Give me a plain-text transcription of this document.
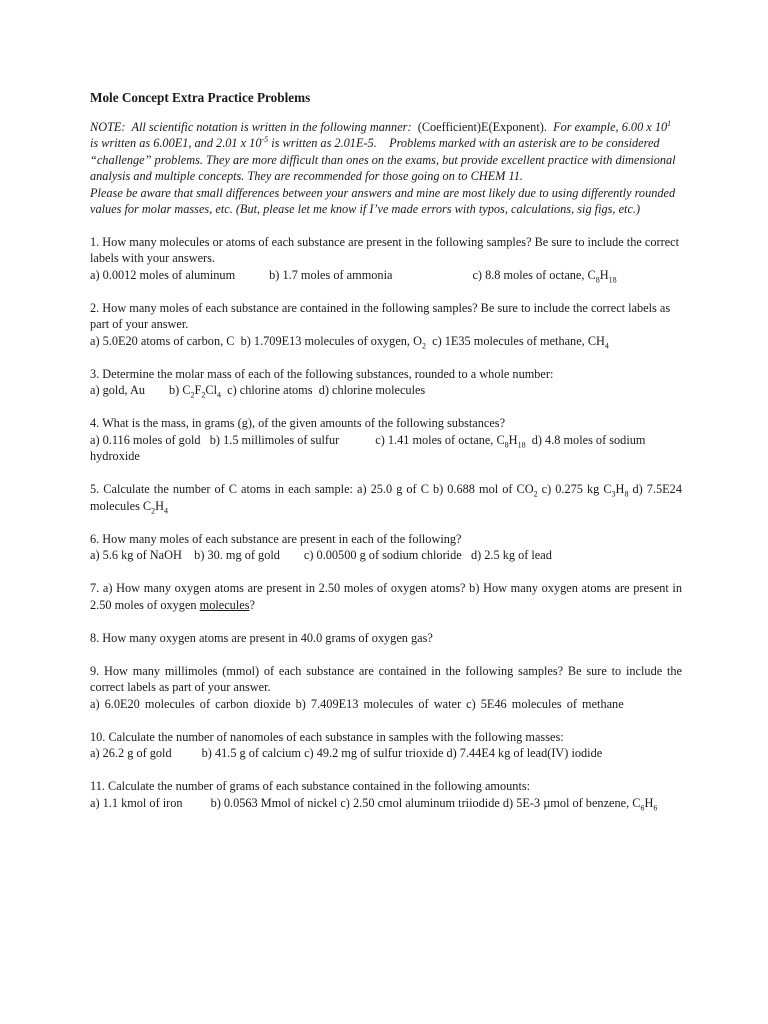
Mole Concept Extra Practice Problems

NOTE: All scientific notation is written in the following manner: (Coefficient)E(Exponent). For example, 6.00 x $10^1$ is written as 6.00E1, and 2.01 x $10^{-5}$ is written as 2.01E-5. Problems marked with an asterisk are to be considered “challenge” problems. They are more difficult than ones on the exams, but provide excellent practice with dimensional analysis and multiple concepts. They are recommended for those going on to CHEM 11.

Please be aware that small differences between your answers and mine are most likely due to using differently rounded values for molar masses, etc. (But, please let me know if I’ve made errors with typos, calculations, sig figs, etc.)

1. How many molecules or atoms of each substance are present in the following samples? Be sure to include the correct labels with your answers.

a) 0.0012 moles of aluminum	b) 1.7 moles of ammonia	c) 8.8 moles of octane, $C_8H_{18}$

2. How many moles of each substance are contained in the following samples? Be sure to include the correct labels as part of your answer.

a) 5.0E20 atoms of carbon, C b) 1.709E13 molecules of oxygen, $O_2$ c) 1E35 molecules of methane, $CH_4$

3. Determine the molar mass of each of the following substances, rounded to a whole number:

a) gold, Au b) $C_2F_2Cl_4$ c) chlorine atoms d) chlorine molecules

4. What is the mass, in grams (g), of the given amounts of the following substances?

a) 0.116 moles of gold b) 1.5 millimoles of sulfur	c) 1.41 moles of octane, $C_8H_{18}$ d) 4.8 moles of sodium hydroxide

5. Calculate the number of C atoms in each sample: a) 25.0 g of C b) 0.688 mol of $CO_2$ c) 0.275 kg $C_3H_8$ d) 7.5E24 molecules $C_2H_4$

6. How many moles of each substance are present in each of the following?

a) 5.6 kg of NaOH b) 30. mg of gold c) 0.00500 g of sodium chloride d) 2.5 kg of lead

7. a) How many oxygen atoms are present in 2.50 moles of oxygen atoms? b) How many oxygen atoms are present in 2.50 moles of oxygen molecules?

8. How many oxygen atoms are present in 40.0 grams of oxygen gas?

9. How many millimoles (mmol) of each substance are contained in the following samples? Be sure to include the correct labels as part of your answer.

a) 6.0E20 molecules of carbon dioxide b) 7.409E13 molecules of water c) 5E46 molecules of methane

10. Calculate the number of nanomoles of each substance in samples with the following masses:

a) 26.2 g of gold b) 41.5 g of calcium c) 49.2 mg of sulfur trioxide d) 7.44E4 kg of lead(IV) iodide

11. Calculate the number of grams of each substance contained in the following amounts:

a) 1.1 kmol of iron b) 0.0563 Mmol of nickel c) 2.50 cmol aluminum triiodide d) 5E-3 µmol of benzene, $C_6H_6$
